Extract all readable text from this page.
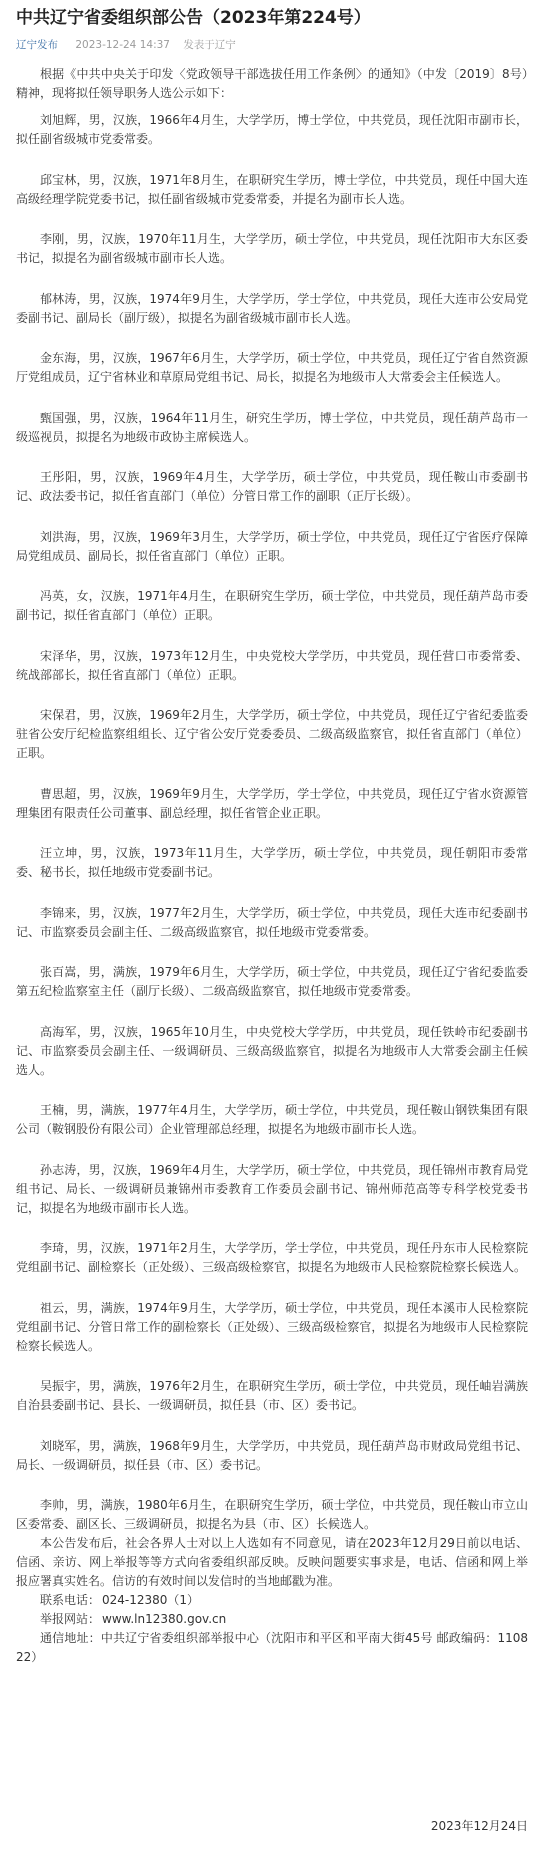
中共辽宁省委组织部公告（2023年第224号）
辽宁发布 2023-12-24 14:37 发表于辽宁

根据《中共中央关于印发〈党政领导干部选拔任用工作条例〉的通知》（中发〔2019〕8号）精神，现将拟任领导职务人选公示如下：

刘旭辉，男，汉族，1966年4月生，大学学历，博士学位，中共党员，现任沈阳市副市长，拟任副省级城市党委常委。

邱宝林，男，汉族，1971年8月生，在职研究生学历，博士学位，中共党员，现任中国大连高级经理学院党委书记，拟任副省级城市党委常委，并提名为副市长人选。

李刚，男，汉族，1970年11月生，大学学历，硕士学位，中共党员，现任沈阳市大东区委书记，拟提名为副省级城市副市长人选。

郁林涛，男，汉族，1974年9月生，大学学历，学士学位，中共党员，现任大连市公安局党委副书记、副局长（副厅级），拟提名为副省级城市副市长人选。

金东海，男，汉族，1967年6月生，大学学历，硕士学位，中共党员，现任辽宁省自然资源厅党组成员，辽宁省林业和草原局党组书记、局长，拟提名为地级市人大常委会主任候选人。

甄国强，男，汉族，1964年11月生，研究生学历，博士学位，中共党员，现任葫芦岛市一级巡视员，拟提名为地级市政协主席候选人。

王彤阳，男，汉族，1969年4月生，大学学历，硕士学位，中共党员，现任鞍山市委副书记、政法委书记，拟任省直部门（单位）分管日常工作的副职（正厅长级）。

刘洪海，男，汉族，1969年3月生，大学学历，硕士学位，中共党员，现任辽宁省医疗保障局党组成员、副局长，拟任省直部门（单位）正职。

冯英，女，汉族，1971年4月生，在职研究生学历，硕士学位，中共党员，现任葫芦岛市委副书记，拟任省直部门（单位）正职。

宋泽华，男，汉族，1973年12月生，中央党校大学学历，中共党员，现任营口市委常委、统战部部长，拟任省直部门（单位）正职。

宋保君，男，汉族，1969年2月生，大学学历，硕士学位，中共党员，现任辽宁省纪委监委驻省公安厅纪检监察组组长、辽宁省公安厅党委委员、二级高级监察官，拟任省直部门（单位）正职。

曹思超，男，汉族，1969年9月生，大学学历，学士学位，中共党员，现任辽宁省水资源管理集团有限责任公司董事、副总经理，拟任省管企业正职。

汪立坤，男，汉族，1973年11月生，大学学历，硕士学位，中共党员，现任朝阳市委常委、秘书长，拟任地级市党委副书记。

李锦来，男，汉族，1977年2月生，大学学历，硕士学位，中共党员，现任大连市纪委副书记、市监察委员会副主任、二级高级监察官，拟任地级市党委常委。

张百嵩，男，满族，1979年6月生，大学学历，硕士学位，中共党员，现任辽宁省纪委监委第五纪检监察室主任（副厅长级）、二级高级监察官，拟任地级市党委常委。

高海军，男，汉族，1965年10月生，中央党校大学学历，中共党员，现任铁岭市纪委副书记、市监察委员会副主任、一级调研员、三级高级监察官，拟提名为地级市人大常委会副主任候选人。

王楠，男，满族，1977年4月生，大学学历，硕士学位，中共党员，现任鞍山钢铁集团有限公司（鞍钢股份有限公司）企业管理部总经理，拟提名为地级市副市长人选。

孙志涛，男，汉族，1969年4月生，大学学历，硕士学位，中共党员，现任锦州市教育局党组书记、局长、一级调研员兼锦州市委教育工作委员会副书记、锦州师范高等专科学校党委书记，拟提名为地级市副市长人选。

李琦，男，汉族，1971年2月生，大学学历，学士学位，中共党员，现任丹东市人民检察院党组副书记、副检察长（正处级）、三级高级检察官，拟提名为地级市人民检察院检察长候选人。

祖云，男，满族，1974年9月生，大学学历，硕士学位，中共党员，现任本溪市人民检察院党组副书记、分管日常工作的副检察长（正处级）、三级高级检察官，拟提名为地级市人民检察院检察长候选人。

吴振宇，男，满族，1976年2月生，在职研究生学历，硕士学位，中共党员，现任岫岩满族自治县委副书记、县长、一级调研员，拟任县（市、区）委书记。

刘晓军，男，满族，1968年9月生，大学学历，中共党员，现任葫芦岛市财政局党组书记、局长、一级调研员，拟任县（市、区）委书记。

李帅，男，满族，1980年6月生，在职研究生学历，硕士学位，中共党员，现任鞍山市立山区委常委、副区长、三级调研员，拟提名为县（市、区）长候选人。

本公告发布后，社会各界人士对以上人选如有不同意见，请在2023年12月29日前以电话、信函、亲访、网上举报等等方式向省委组织部反映。反映问题要实事求是，电话、信函和网上举报应署真实姓名。信访的有效时间以发信时的当地邮戳为准。

联系电话： 024-12380（1）

举报网站： www.ln12380.gov.cn

通信地址：中共辽宁省委组织部举报中心（沈阳市和平区和平南大街45号 邮政编码：110822）

2023年12月24日
